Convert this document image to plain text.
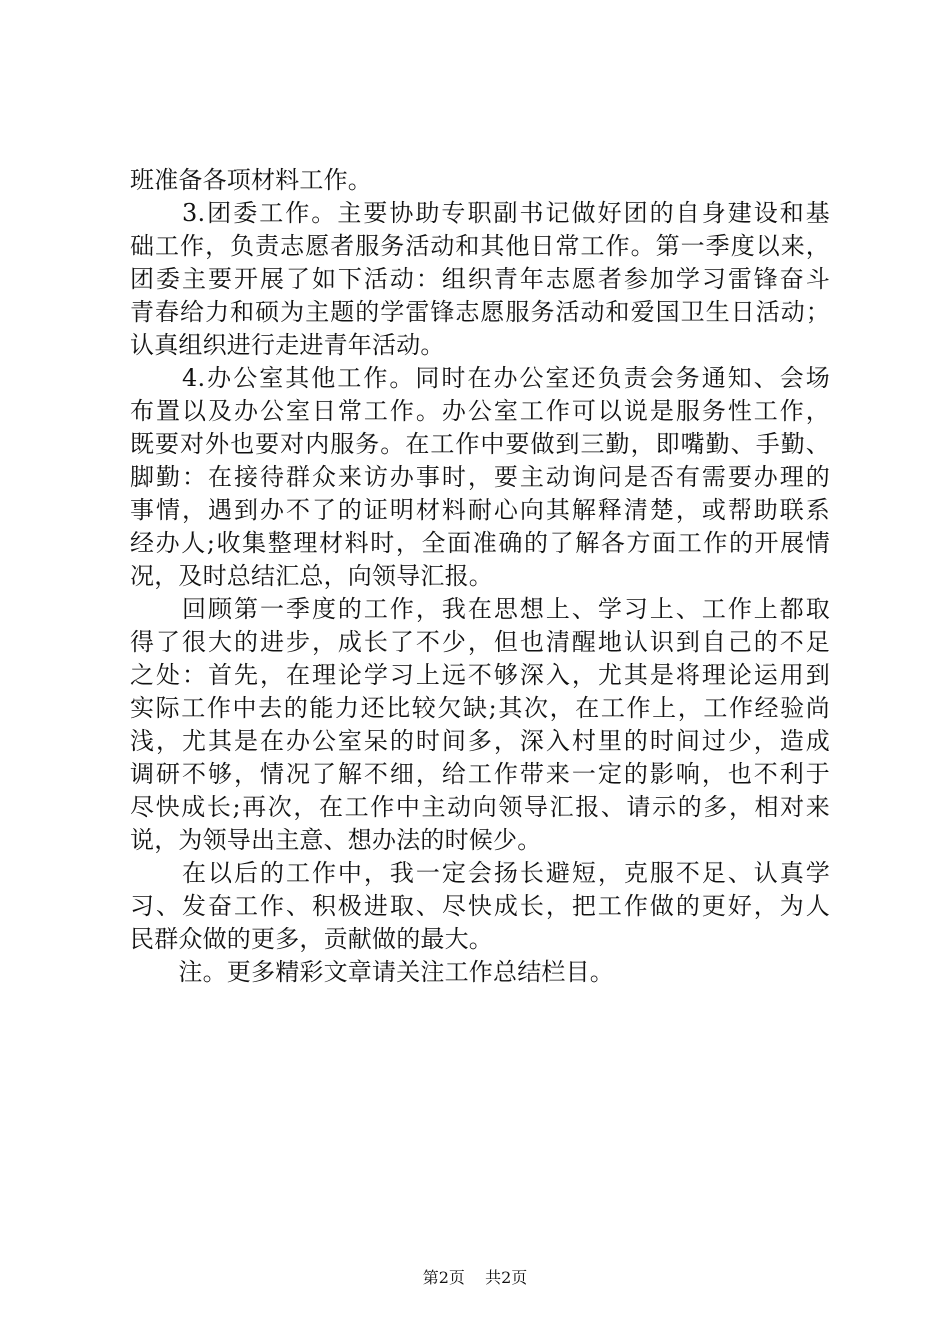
班准备各项材料工作。
　　3.团委工作。主要协助专职副书记做好团的自身建设和基
础工作，负责志愿者服务活动和其他日常工作。第一季度以来，
团委主要开展了如下活动：组织青年志愿者参加学习雷锋奋斗
青春给力和硕为主题的学雷锋志愿服务活动和爱国卫生日活动；
认真组织进行走进青年活动。
　　4.办公室其他工作。同时在办公室还负责会务通知、会场
布置以及办公室日常工作。办公室工作可以说是服务性工作，
既要对外也要对内服务。在工作中要做到三勤，即嘴勤、手勤、
脚勤：在接待群众来访办事时，要主动询问是否有需要办理的
事情，遇到办不了的证明材料耐心向其解释清楚，或帮助联系
经办人;收集整理材料时，全面准确的了解各方面工作的开展情
况，及时总结汇总，向领导汇报。
　　回顾第一季度的工作，我在思想上、学习上、工作上都取
得了很大的进步，成长了不少，但也清醒地认识到自己的不足
之处：首先，在理论学习上远不够深入，尤其是将理论运用到
实际工作中去的能力还比较欠缺;其次，在工作上，工作经验尚
浅，尤其是在办公室呆的时间多，深入村里的时间过少，造成
调研不够，情况了解不细，给工作带来一定的影响，也不利于
尽快成长;再次，在工作中主动向领导汇报、请示的多，相对来
说，为领导出主意、想办法的时候少。
　　在以后的工作中，我一定会扬长避短，克服不足、认真学
习、发奋工作、积极进取、尽快成长，把工作做的更好，为人
民群众做的更多，贡献做的最大。
　　注。更多精彩文章请关注工作总结栏目。
第2页 共2页
